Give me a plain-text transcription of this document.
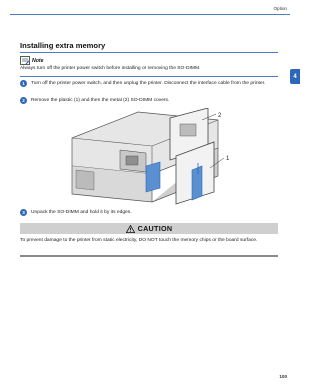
Option
4
Installing extra memory
Note
Always turn off the printer power switch before installing or removing the SO-DIMM.
1	Turn off the printer power switch, and then unplug the printer. Disconnect the interface cable from the printer.
2	Remove the plastic (1) and then the metal (2) SO-DIMM covers.
2
1
3	Unpack the SO-DIMM and hold it by its edges.
CAUTION
To prevent damage to the printer from static electricity, DO NOT touch the memory chips or the board surface.
100
